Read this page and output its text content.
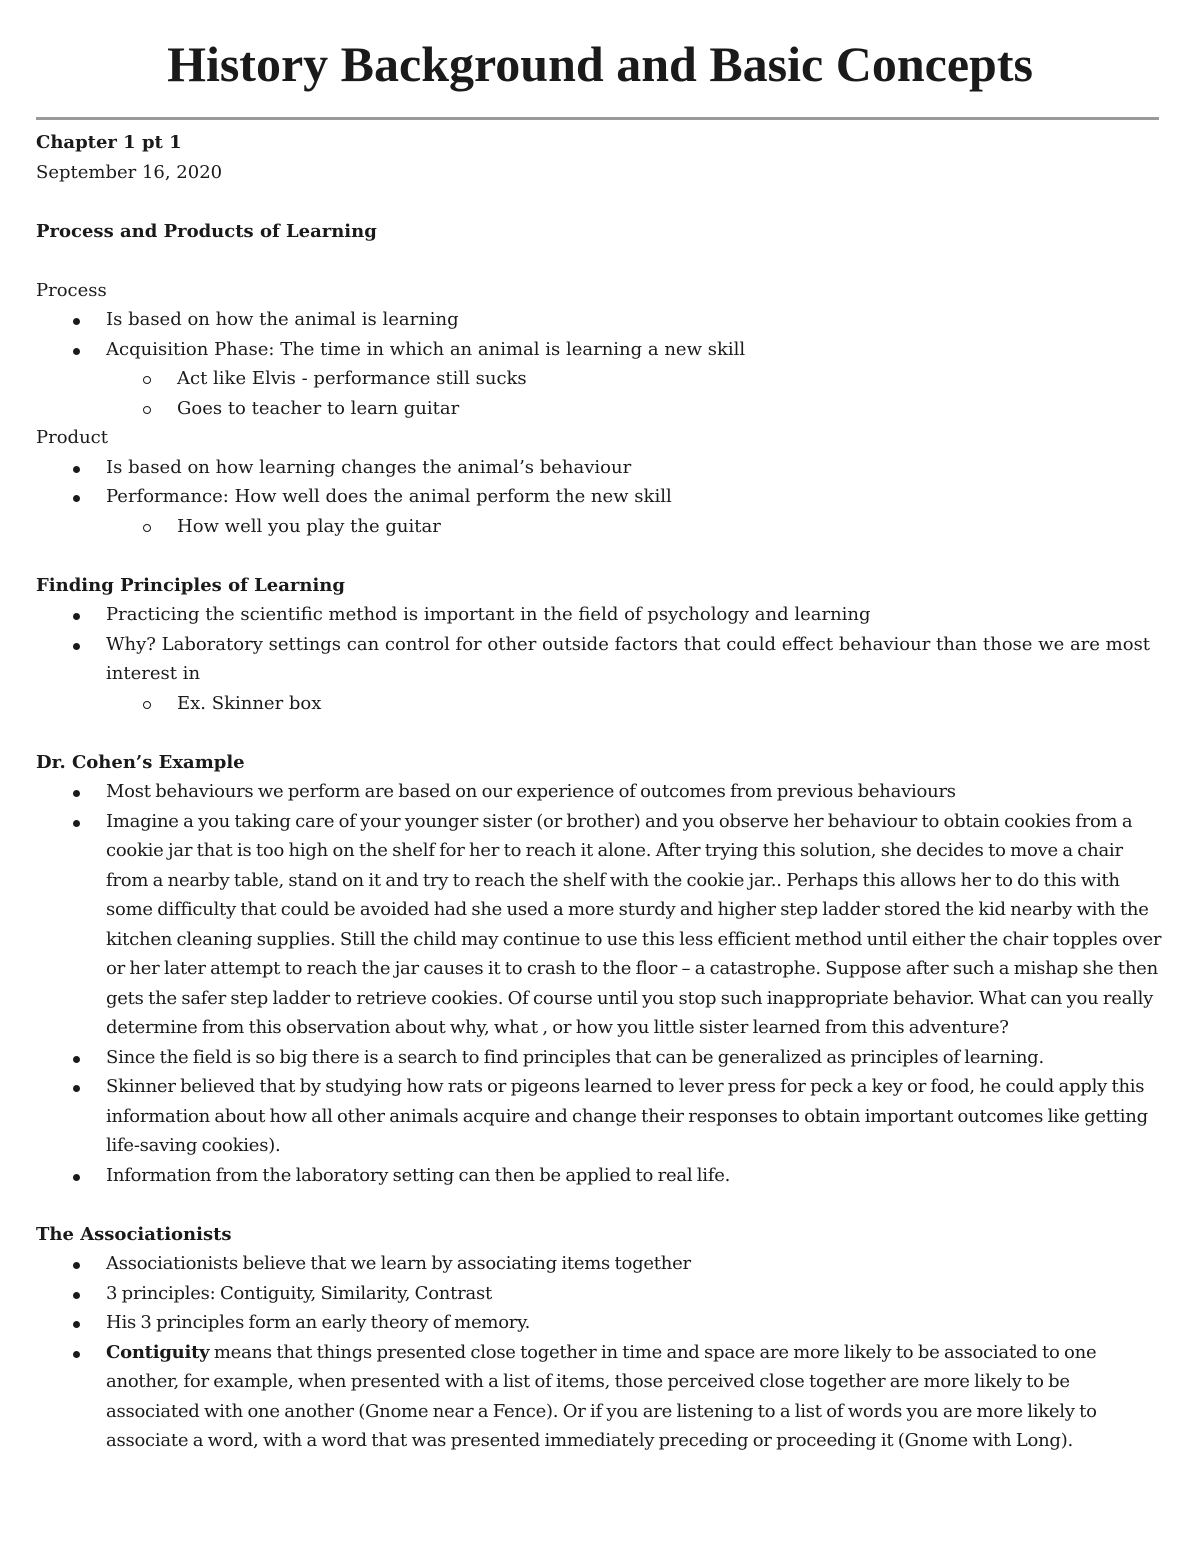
History Background and Basic Concepts

Chapter 1 pt 1

September 16, 2020

Process and Products of Learning

Process

Is based on how the animal is learning
Acquisition Phase: The time in which an animal is learning a new skill
Act like Elvis - performance still sucks
Goes to teacher to learn guitar

Product

Is based on how learning changes the animal’s behaviour
Performance: How well does the animal perform the new skill
How well you play the guitar

Finding Principles of Learning

Practicing the scientific method is important in the field of psychology and learning
Why? Laboratory settings can control for other outside factors that could effect behaviour than those we are most interest in
Ex. Skinner box

Dr. Cohen’s Example

Most behaviours we perform are based on our experience of outcomes from previous behaviours
Imagine a you taking care of your younger sister (or brother) and you observe her behaviour to obtain cookies from a cookie jar that is too high on the shelf for her to reach it alone. After trying this solution, she decides to move a chair from a nearby table, stand on it and try to reach the shelf with the cookie jar.. Perhaps this allows her to do this with some difficulty that could be avoided had she used a more sturdy and higher step ladder stored the kid nearby with the kitchen cleaning supplies. Still the child may continue to use this less efficient method until either the chair topples over or her later attempt to reach the jar causes it to crash to the floor – a catastrophe. Suppose after such a mishap she then gets the safer step ladder to retrieve cookies. Of course until you stop such inappropriate behavior. What can you really determine from this observation about why, what , or how you little sister learned from this adventure?
Since the field is so big there is a search to find principles that can be generalized as principles of learning.
Skinner believed that by studying how rats or pigeons learned to lever press for peck a key or food, he could apply this information about how all other animals acquire and change their responses to obtain important outcomes like getting life-saving cookies).
Information from the laboratory setting can then be applied to real life.

The Associationists

Associationists believe that we learn by associating items together
3 principles: Contiguity, Similarity, Contrast
His 3 principles form an early theory of memory.
Contiguity means that things presented close together in time and space are more likely to be associated to one another, for example, when presented with a list of items, those perceived close together are more likely to be associated with one another (Gnome near a Fence). Or if you are listening to a list of words you are more likely to associate a word, with a word that was presented immediately preceding or proceeding it (Gnome with Long).
